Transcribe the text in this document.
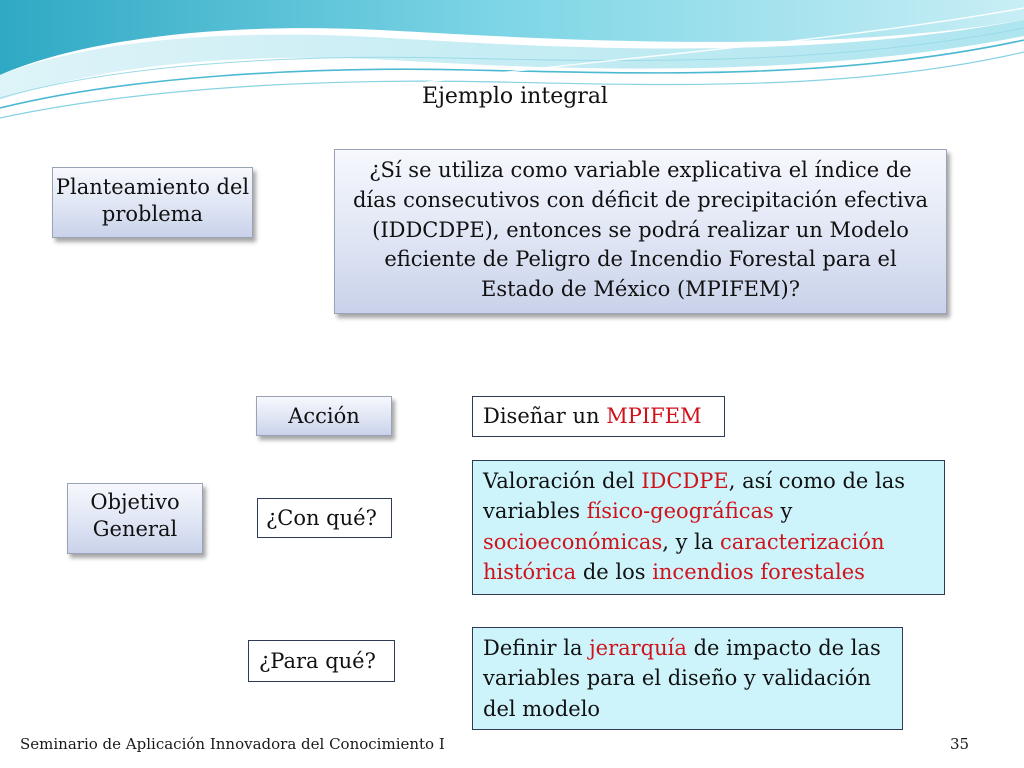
Ejemplo integral
Planteamiento del problema
¿Sí se utiliza como variable explicativa el índice de días consecutivos con déficit de precipitación efectiva (IDDCDPE), entonces se podrá realizar un Modelo eficiente de Peligro de Incendio Forestal para el Estado de México (MPIFEM)?
Acción	Diseñar un MPIFEM
Objetivo General	¿Con qué?
Valoración del IDCDPE, así como de las variables físico-geográficas y socioeconómicas, y la caracterización histórica de los incendios forestales
¿Para qué?
Definir la jerarquía de impacto de las variables para el diseño y validación del modelo
Seminario de Aplicación Innovadora del Conocimiento I	35
